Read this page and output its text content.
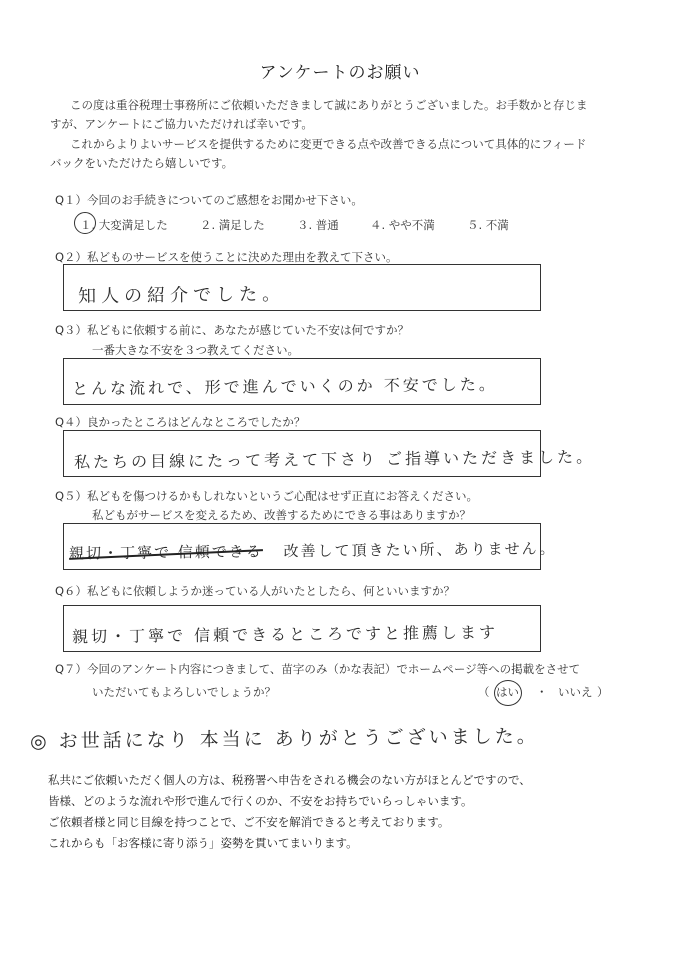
アンケートのお願い
この度は重谷税理士事務所にご依頼いただきまして誠にありがとうございました。お手数かと存じま
すが、アンケートにご協力いただければ幸いです。
これからよりよいサービスを提供するために変更できる点や改善できる点について具体的にフィード
バックをいただけたら嬉しいです。
Q１）今回のお手続きについてのご感想をお聞かせ下さい。
１. 大変満足した	２. 満足した	３. 普通	４. やや不満	５. 不満
Q２）私どものサービスを使うことに決めた理由を教えて下さい。
知人の紹介でした。
Q３）私どもに依頼する前に、あなたが感じていた不安は何ですか？
一番大きな不安を３つ教えてください。
とんな流れで、形で進んでいくのか 不安でした。
Q４）良かったところはどんなところでしたか？
私たちの目線にたって考えて下さり ご指導いただきました。
Q５）私どもを傷つけるかもしれないというご心配はせず正直にお答えください。
私どもがサービスを変えるため、改善するためにできる事はありますか？
親切・丁寧で 信頼できる 改善して頂きたい所、ありません。
Q６）私どもに依頼しようか迷っている人がいたとしたら、何といいますか？
親切・丁寧で 信頼できるところですと推薦します
Q７）今回のアンケート内容につきまして、苗字のみ（かな表記）でホームページ等への掲載をさせて
いただいてもよろしいでしょうか？	（ はい ・ いいえ ）
◎ お世話になり 本当に ありがとうございました。
私共にご依頼いただく個人の方は、税務署へ申告をされる機会のない方がほとんどですので、
皆様、どのような流れや形で進んで行くのか、不安をお持ちでいらっしゃいます。
ご依頼者様と同じ目線を持つことで、ご不安を解消できると考えております。
これからも「お客様に寄り添う」姿勢を貫いてまいります。
